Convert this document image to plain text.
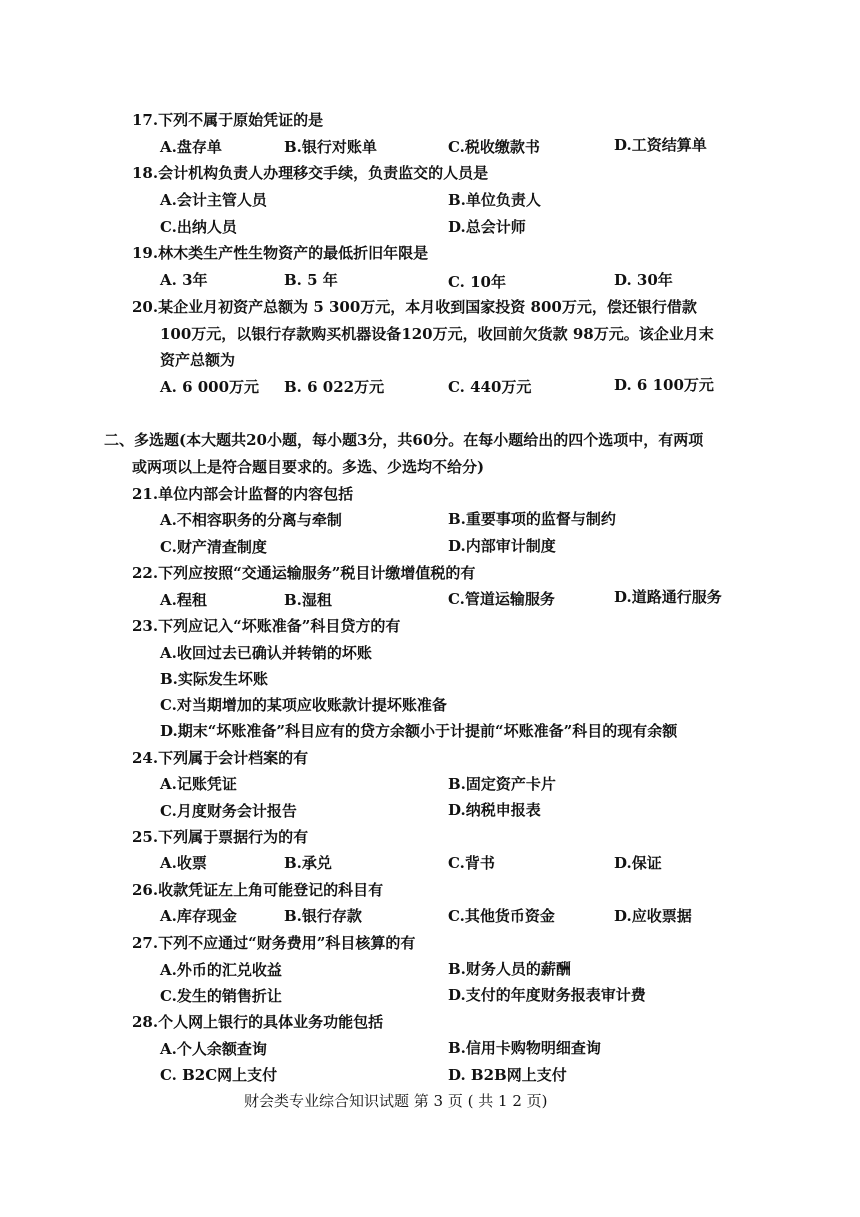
17.下列不属于原始凭证的是
A.盘存单	B.银行对账单	C.税收缴款书	D.工资结算单
18.会计机构负责人办理移交手续，负责监交的人员是
A.会计主管人员	B.单位负责人
C.出纳人员	D.总会计师
19.林木类生产性生物资产的最低折旧年限是
A. 3年	B. 5 年	C. 10年	D. 30年
20.某企业月初资产总额为 5 300万元，本月收到国家投资 800万元，偿还银行借款
100万元，以银行存款购买机器设备120万元，收回前欠货款 98万元。该企业月末
资产总额为
A. 6 000万元 B. 6 022万元	C. 440万元	D. 6 100万元
二、多选题(本大题共20小题，每小题3分，共60分。在每小题给出的四个选项中，有两项
或两项以上是符合题目要求的。多选、少选均不给分)
21.单位内部会计监督的内容包括
A.不相容职务的分离与牵制	B.重要事项的监督与制约
C.财产清查制度	D.内部审计制度
22.下列应按照“交通运输服务”税目计缴增值税的有
A.程租	B.湿租	C.管道运输服务	D.道路通行服务
23.下列应记入“坏账准备”科目贷方的有
A.收回过去已确认并转销的坏账
B.实际发生坏账
C.对当期增加的某项应收账款计提坏账准备
D.期末“坏账准备”科目应有的贷方余额小于计提前“坏账准备”科目的现有余额
24.下列属于会计档案的有
A.记账凭证	B.固定资产卡片
C.月度财务会计报告	D.纳税申报表
25.下列属于票据行为的有
A.收票	B.承兑	C.背书	D.保证
26.收款凭证左上角可能登记的科目有
A.库存现金	B.银行存款	C.其他货币资金	D.应收票据
27.下列不应通过“财务费用”科目核算的有
A.外币的汇兑收益	B.财务人员的薪酬
C.发生的销售折让	D.支付的年度财务报表审计费
28.个人网上银行的具体业务功能包括
A.个人余额查询	B.信用卡购物明细查询
C. B2C网上支付	D. B2B网上支付
财会类专业综合知识试题 第 3 页 ( 共 1 2 页)
